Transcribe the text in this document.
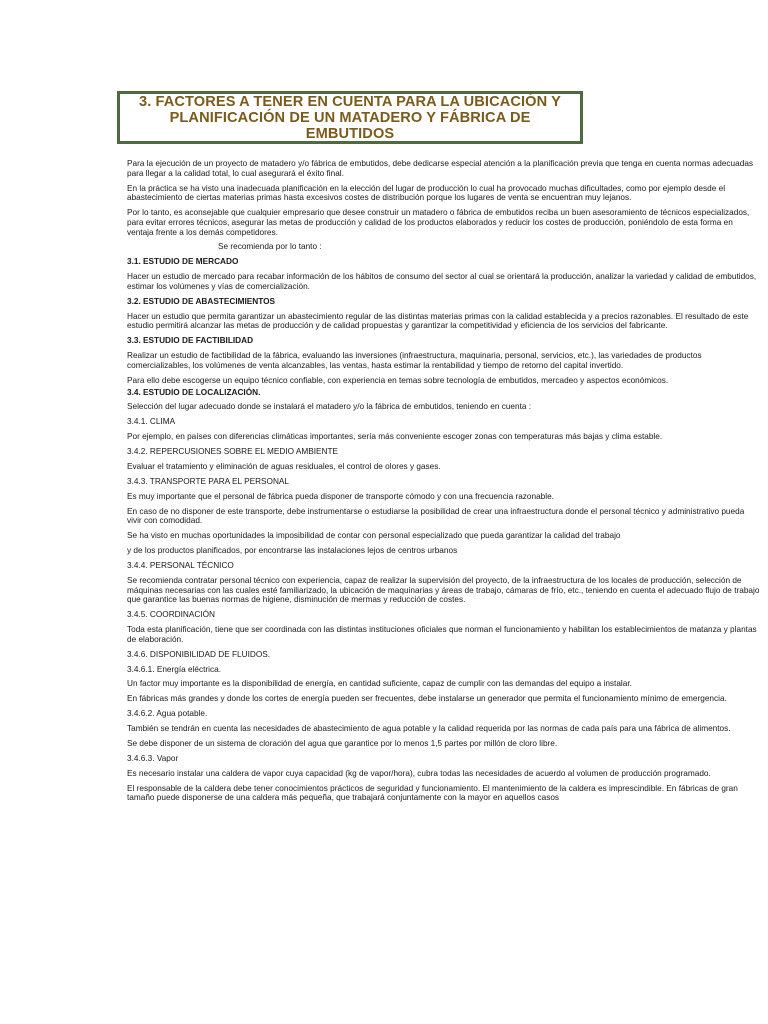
3. FACTORES A TENER EN CUENTA PARA LA UBICACIÓN Y PLANIFICACIÓN DE UN MATADERO Y FÁBRICA DE EMBUTIDOS

Para la ejecución de un proyecto de matadero y/o fábrica de embutidos, debe dedicarse especial atención a la planificación previa que tenga en cuenta normas adecuadas para llegar a la calidad total, lo cual asegurará el éxito final.

En la práctica se ha visto una inadecuada planificación en la elección del lugar de producción lo cual ha provocado muchas dificultades, como por ejemplo desde el abastecimiento de ciertas materias primas hasta excesivos costes de distribución porque los lugares de venta se encuentran muy lejanos.

Por lo tanto, es aconsejable que cualquier empresario que desee construir un matadero o fábrica de embutidos reciba un buen asesoramiento de técnicos especializados, para evitar errores técnicos, asegurar las metas de producción y calidad de los productos elaborados y reducir los costes de producción, poniéndolo de esta forma en ventaja frente a los demás competidores.

Se recomienda por lo tanto :

3.1. ESTUDIO DE MERCADO

Hacer un estudio de mercado para recabar información de los hábitos de consumo del sector al cual se orientará la producción, analizar la variedad y calidad de embutidos, estimar los volúmenes y vías de comercialización.

3.2. ESTUDIO DE ABASTECIMIENTOS

Hacer un estudio que permita garantizar un abastecimiento regular de las distintas materias primas con la calidad establecida y a precios razonables. El resultado de este estudio permitirá alcanzar las metas de producción y de calidad propuestas y garantizar la competitividad y eficiencia de los servicios del fabricante.

3.3. ESTUDIO DE FACTIBILIDAD

Realizar un estudio de factibilidad de la fábrica, evaluando las inversiones (infraestructura, maquinaria, personal, servicios, etc.), las variedades de productos comercializables, los volúmenes de venta alcanzables, las ventas, hasta estimar la rentabilidad y tiempo de retorno del capital invertido.

Para ello debe escogerse un equipo técnico confiable, con experiencia en temas sobre tecnología de embutidos, mercadeo y aspectos económicos.

3.4. ESTUDIO DE LOCALIZACIÓN.

Selección del lugar adecuado donde se instalará el matadero y/o la fábrica de embutidos, teniendo en cuenta :

3.4.1. CLIMA

Por ejemplo, en países con diferencias climáticas importantes, sería más conveniente escoger zonas con temperaturas más bajas y clima estable.

3.4.2. REPERCUSIONES SOBRE EL MEDIO AMBIENTE

Evaluar el tratamiento y eliminación de aguas residuales, el control de olores y gases.

3.4.3. TRANSPORTE PARA EL PERSONAL

Es muy importante que el personal de fábrica pueda disponer de transporte cómodo y con una frecuencia razonable.

En caso de no disponer de este transporte, debe instrumentarse o estudiarse la posibilidad de crear una infraestructura donde el personal técnico y administrativo pueda vivir con comodidad.

Se ha visto en muchas oportunidades la imposibilidad de contar con personal especializado que pueda garantizar la calidad del trabajo

y de los productos planificados, por encontrarse las instalaciones lejos de centros urbanos

3.4.4. PERSONAL TÉCNICO

Se recomienda contratar personal técnico con experiencia, capaz de realizar la supervisión del proyecto, de la infraestructura de los locales de producción, selección de máquinas necesarias con las cuales esté familiarizado, la ubicación de maquinarias y áreas de trabajo, cámaras de frío, etc., teniendo en cuenta el adecuado flujo de trabajo que garantice las buenas normas de higiene, disminución de mermas y reducción de costes.

3.4.5. COORDINACIÓN

Toda esta planificación, tiene que ser coordinada con las distintas instituciones oficiales que norman el funcionamiento y habilitan los establecimientos de matanza y plantas de elaboración.

3.4.6. DISPONIBILIDAD DE FLUIDOS.
3.4.6.1. Energía eléctrica.

Un factor muy importante es la disponibilidad de energía, en cantidad suficiente, capaz de cumplir con las demandas del equipo a instalar.

En fábricas más grandes y donde los cortes de energía pueden ser frecuentes, debe instalarse un generador que permita el funcionamiento mínimo de emergencia.

3.4.6.2. Agua potable.

También se tendrán en cuenta las necesidades de abastecimiento de agua potable y la calidad requerida por las normas de cada país para una fábrica de alimentos.

Se debe disponer de un sistema de cloración del agua que garantice por lo menos 1,5 partes por millón de cloro libre.

3.4.6.3. Vapor

Es necesario instalar una caldera de vapor cuya capacidad (kg de vapor/hora), cubra todas las necesidades de acuerdo al volumen de producción programado.

El responsable de la caldera debe tener conocimientos prácticos de seguridad y funcionamiento. El mantenimiento de la caldera es imprescindible. En fábricas de gran tamaño puede disponerse de una caldera más pequeña, que trabajará conjuntamente con la mayor en aquellos casos
